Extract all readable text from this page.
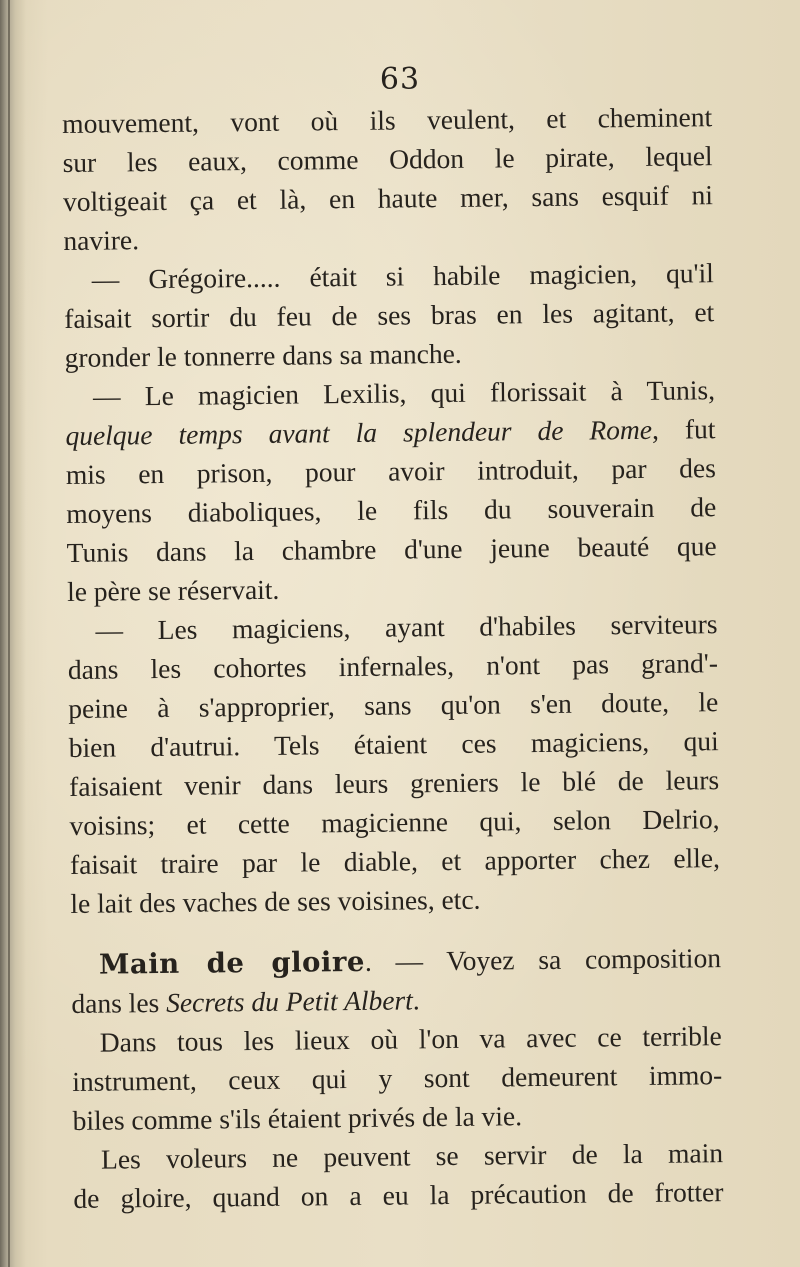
63
mouvement, vont où ils veulent, et cheminent
sur les eaux, comme Oddon le pirate, lequel
voltigeait ça et là, en haute mer, sans esquif ni
navire.
— Grégoire..... était si habile magicien, qu'il
faisait sortir du feu de ses bras en les agitant, et
gronder le tonnerre dans sa manche.
— Le magicien Lexilis, qui florissait à Tunis,
quelque temps avant la splendeur de Rome, fut
mis en prison, pour avoir introduit, par des
moyens diaboliques, le fils du souverain de
Tunis dans la chambre d'une jeune beauté que
le père se réservait.
— Les magiciens, ayant d'habiles serviteurs
dans les cohortes infernales, n'ont pas grand'-
peine à s'approprier, sans qu'on s'en doute, le
bien d'autrui. Tels étaient ces magiciens, qui
faisaient venir dans leurs greniers le blé de leurs
voisins; et cette magicienne qui, selon Delrio,
faisait traire par le diable, et apporter chez elle,
le lait des vaches de ses voisines, etc.
Main de gloire. — Voyez sa composition
dans les Secrets du Petit Albert.
Dans tous les lieux où l'on va avec ce terrible
instrument, ceux qui y sont demeurent immo-
biles comme s'ils étaient privés de la vie.
Les voleurs ne peuvent se servir de la main
de gloire, quand on a eu la précaution de frotter
